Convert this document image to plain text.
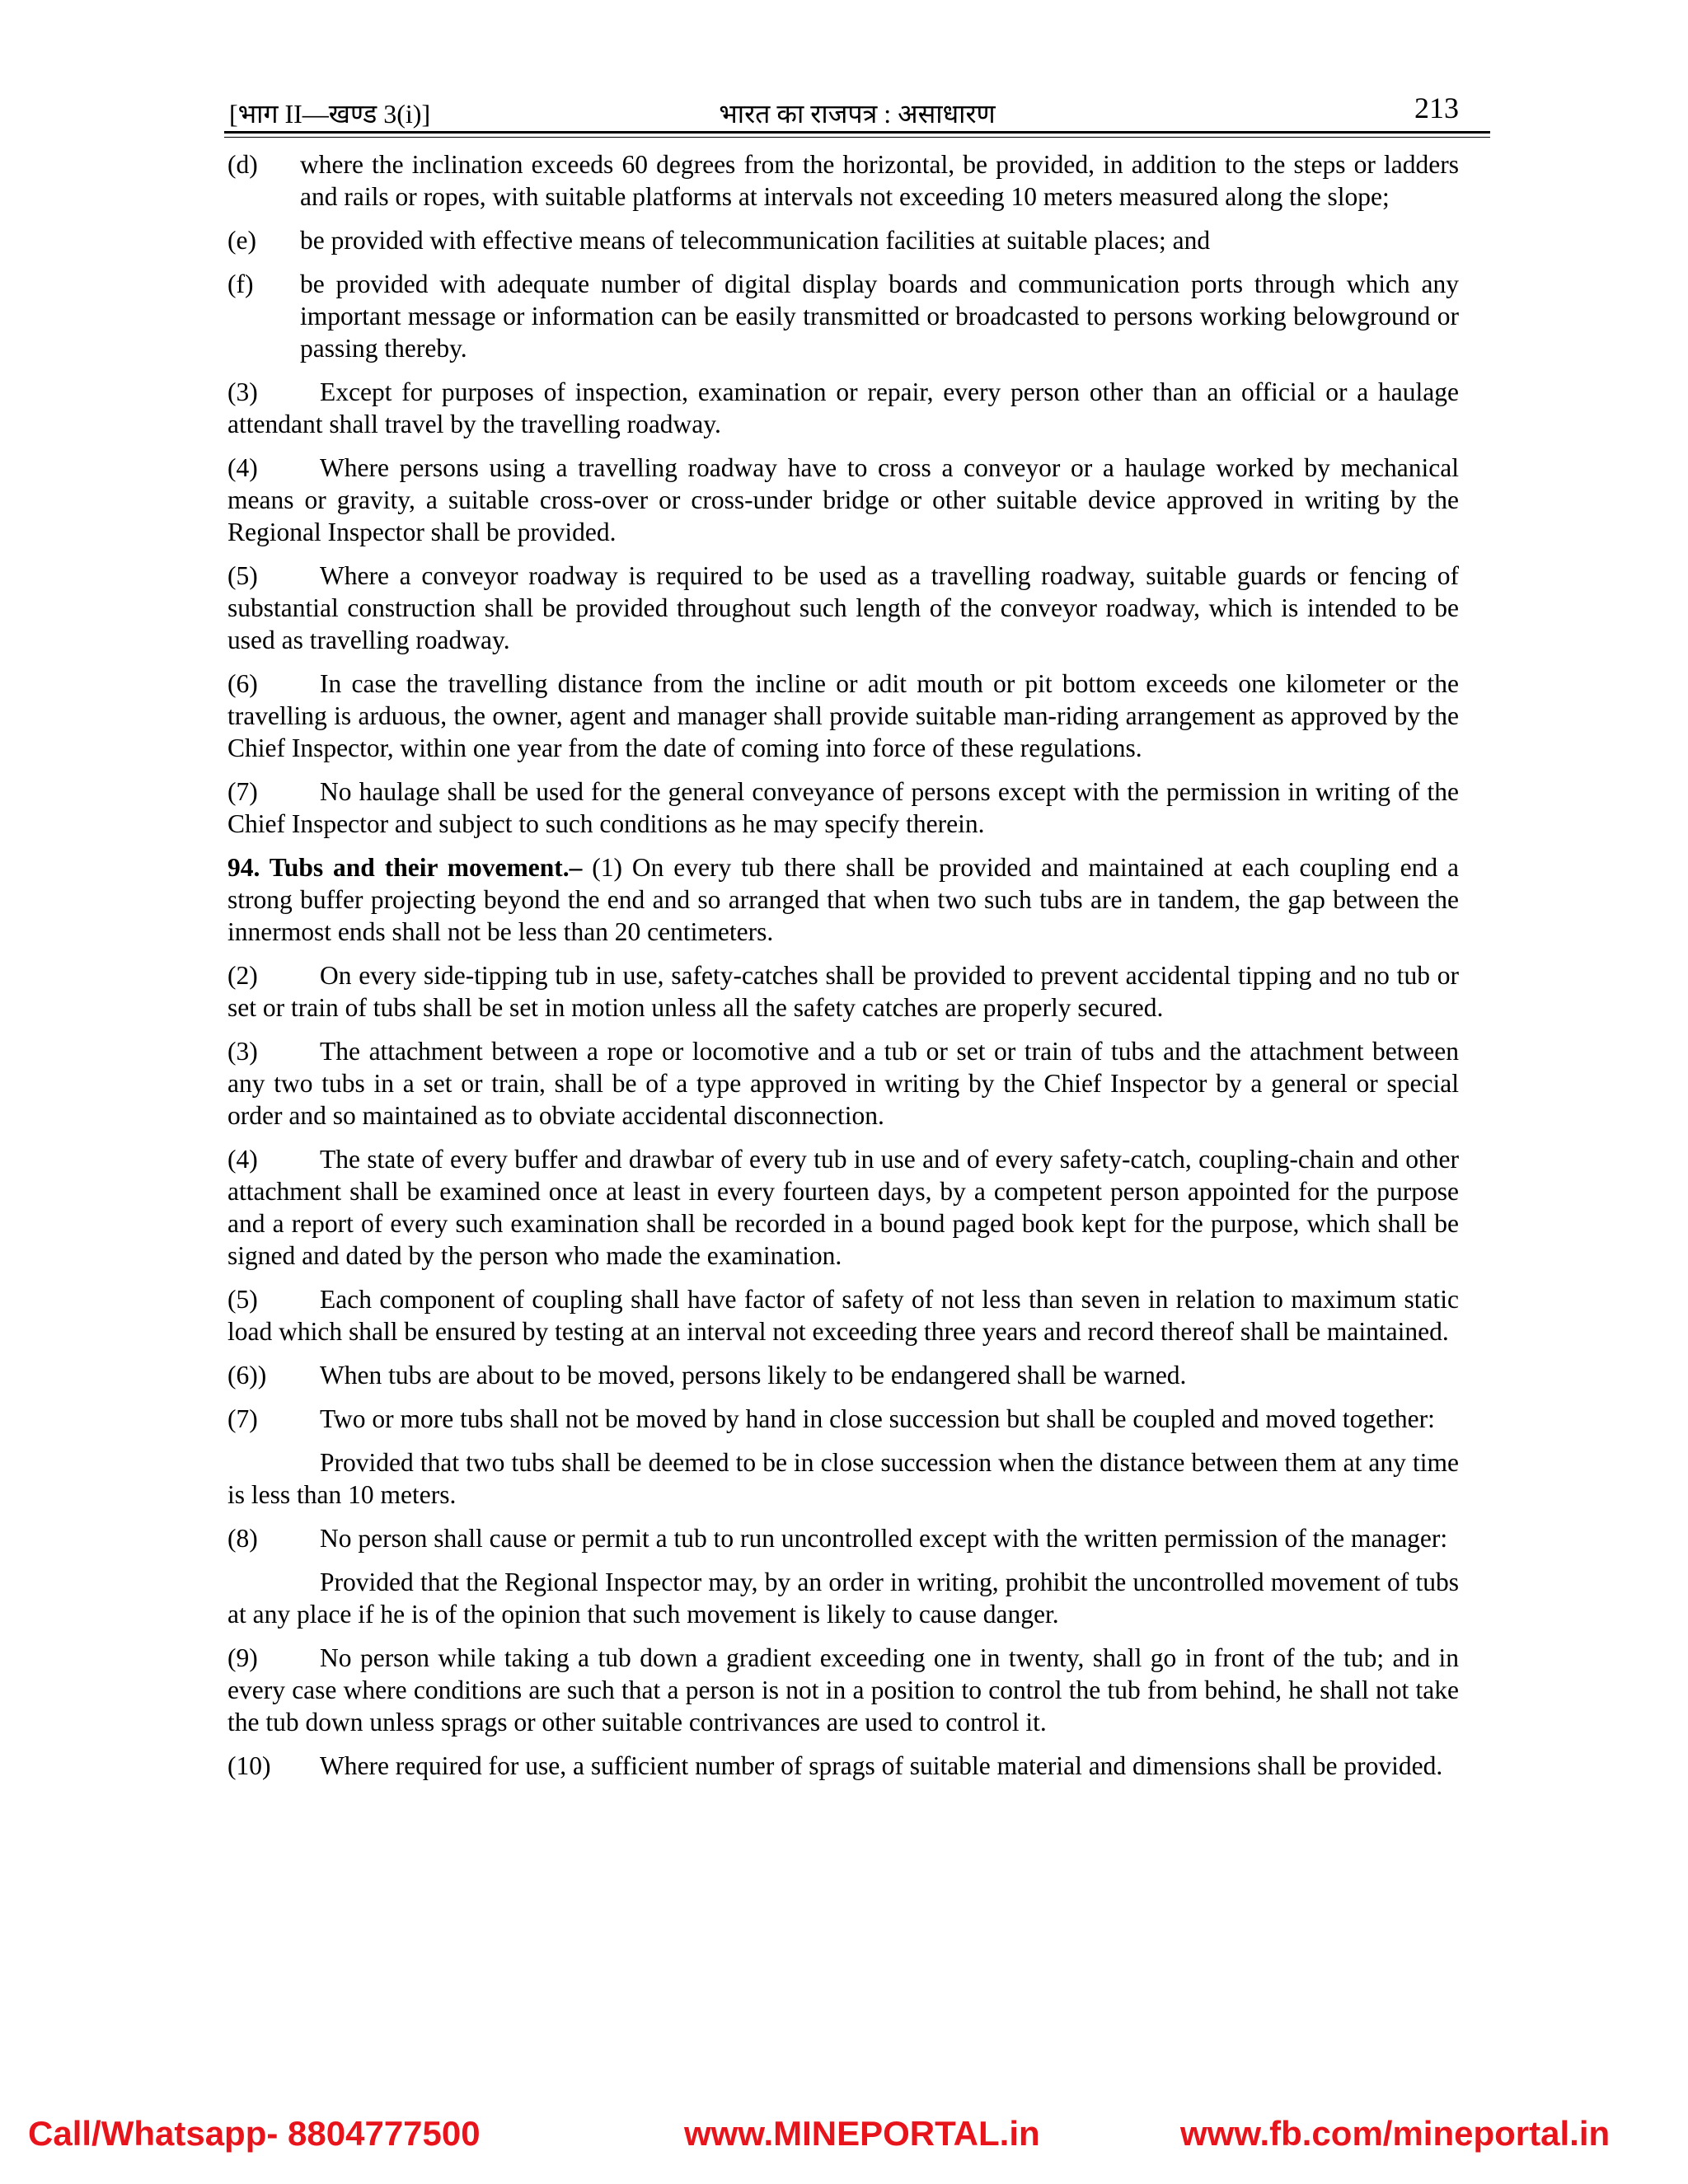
[भाग II—खण्ड 3(i)]	भारत का राजपत्र : असाधारण	213
(d)	where the inclination exceeds 60 degrees from the horizontal, be provided, in addition to the steps or ladders and rails or ropes, with suitable platforms at intervals not exceeding 10 meters measured along the slope;
(e)	be provided with effective means of telecommunication facilities at suitable places; and
(f)	be provided with adequate number of digital display boards and communication ports through which any important message or information can be easily transmitted or broadcasted to persons working belowground or passing thereby.

(3) Except for purposes of inspection, examination or repair, every person other than an official or a haulage attendant shall travel by the travelling roadway.

(4) Where persons using a travelling roadway have to cross a conveyor or a haulage worked by mechanical means or gravity, a suitable cross-over or cross-under bridge or other suitable device approved in writing by the Regional Inspector shall be provided.

(5) Where a conveyor roadway is required to be used as a travelling roadway, suitable guards or fencing of substantial construction shall be provided throughout such length of the conveyor roadway, which is intended to be used as travelling roadway.

(6) In case the travelling distance from the incline or adit mouth or pit bottom exceeds one kilometer or the travelling is arduous, the owner, agent and manager shall provide suitable man-riding arrangement as approved by the Chief Inspector, within one year from the date of coming into force of these regulations.

(7) No haulage shall be used for the general conveyance of persons except with the permission in writing of the Chief Inspector and subject to such conditions as he may specify therein.

94. Tubs and their movement.– (1) On every tub there shall be provided and maintained at each coupling end a strong buffer projecting beyond the end and so arranged that when two such tubs are in tandem, the gap between the innermost ends shall not be less than 20 centimeters.

(2) On every side-tipping tub in use, safety-catches shall be provided to prevent accidental tipping and no tub or set or train of tubs shall be set in motion unless all the safety catches are properly secured.

(3) The attachment between a rope or locomotive and a tub or set or train of tubs and the attachment between any two tubs in a set or train, shall be of a type approved in writing by the Chief Inspector by a general or special order and so maintained as to obviate accidental disconnection.

(4) The state of every buffer and drawbar of every tub in use and of every safety-catch, coupling-chain and other attachment shall be examined once at least in every fourteen days, by a competent person appointed for the purpose and a report of every such examination shall be recorded in a bound paged book kept for the purpose, which shall be signed and dated by the person who made the examination.

(5) Each component of coupling shall have factor of safety of not less than seven in relation to maximum static load which shall be ensured by testing at an interval not exceeding three years and record thereof shall be maintained.

(6)) When tubs are about to be moved, persons likely to be endangered shall be warned.

(7) Two or more tubs shall not be moved by hand in close succession but shall be coupled and moved together:

Provided that two tubs shall be deemed to be in close succession when the distance between them at any time is less than 10 meters.

(8) No person shall cause or permit a tub to run uncontrolled except with the written permission of the manager:

Provided that the Regional Inspector may, by an order in writing, prohibit the uncontrolled movement of tubs at any place if he is of the opinion that such movement is likely to cause danger.

(9) No person while taking a tub down a gradient exceeding one in twenty, shall go in front of the tub; and in every case where conditions are such that a person is not in a position to control the tub from behind, he shall not take the tub down unless sprags or other suitable contrivances are used to control it.

(10) Where required for use, a sufficient number of sprags of suitable material and dimensions shall be provided.

Call/Whatsapp- 8804777500	www.MINEPORTAL.in	www.fb.com/mineportal.in
